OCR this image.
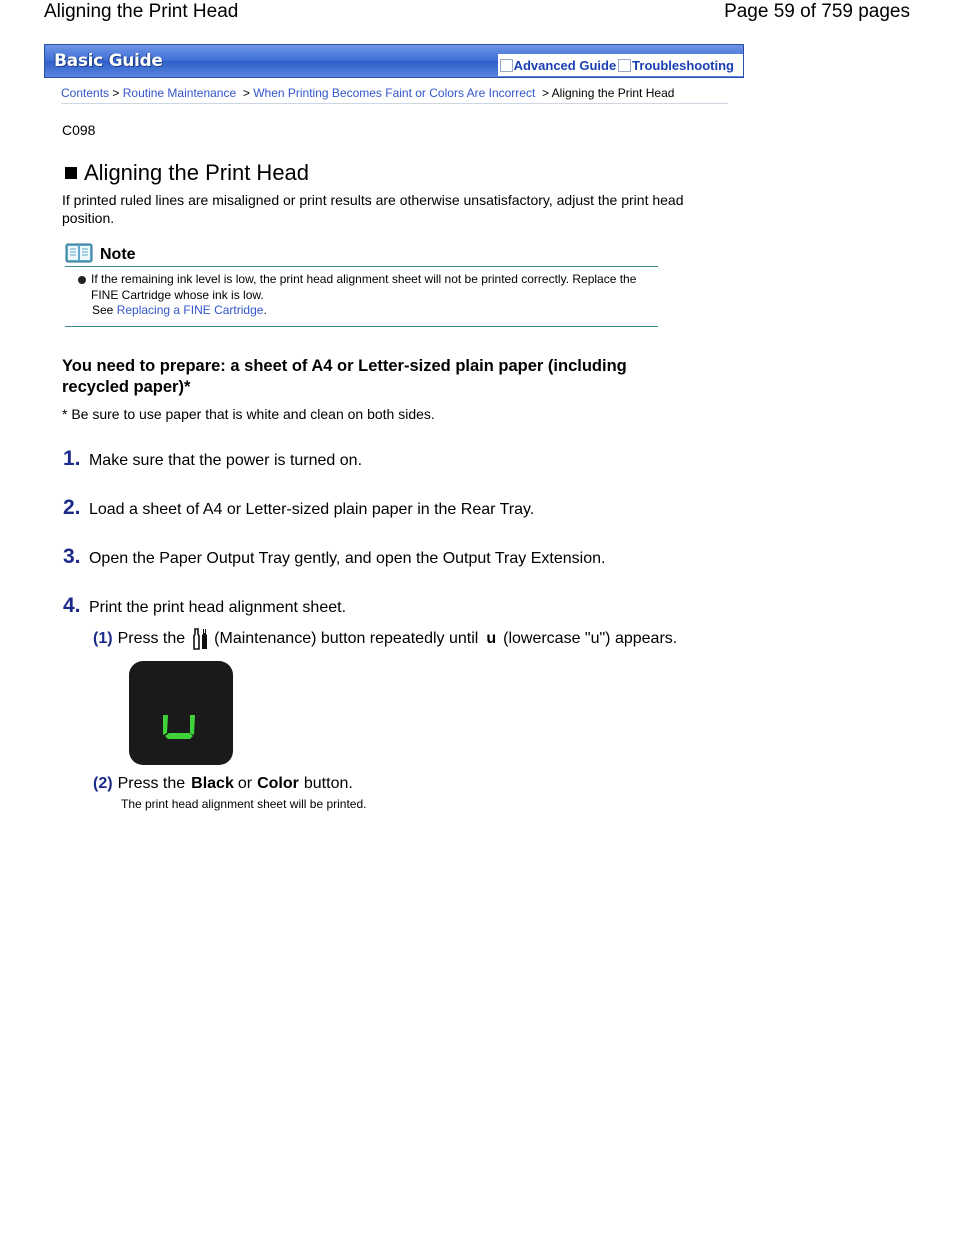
Aligning the Print Head	Page 59 of 759 pages
Basic Guide	Advanced Guide Troubleshooting
Contents > Routine Maintenance > When Printing Becomes Faint or Colors Are Incorrect > Aligning the Print Head
C098
Aligning the Print Head
If printed ruled lines are misaligned or print results are otherwise unsatisfactory, adjust the print head position.
Note
If the remaining ink level is low, the print head alignment sheet will not be printed correctly. Replace the FINE Cartridge whose ink is low.
See Replacing a FINE Cartridge.
You need to prepare: a sheet of A4 or Letter-sized plain paper (including recycled paper)*
* Be sure to use paper that is white and clean on both sides.
1. Make sure that the power is turned on.
2. Load a sheet of A4 or Letter-sized plain paper in the Rear Tray.
3. Open the Paper Output Tray gently, and open the Output Tray Extension.
4. Print the print head alignment sheet.
(1) Press the (Maintenance) button repeatedly until u (lowercase "u") appears.
(2) Press the Black or Color button.
The print head alignment sheet will be printed.
